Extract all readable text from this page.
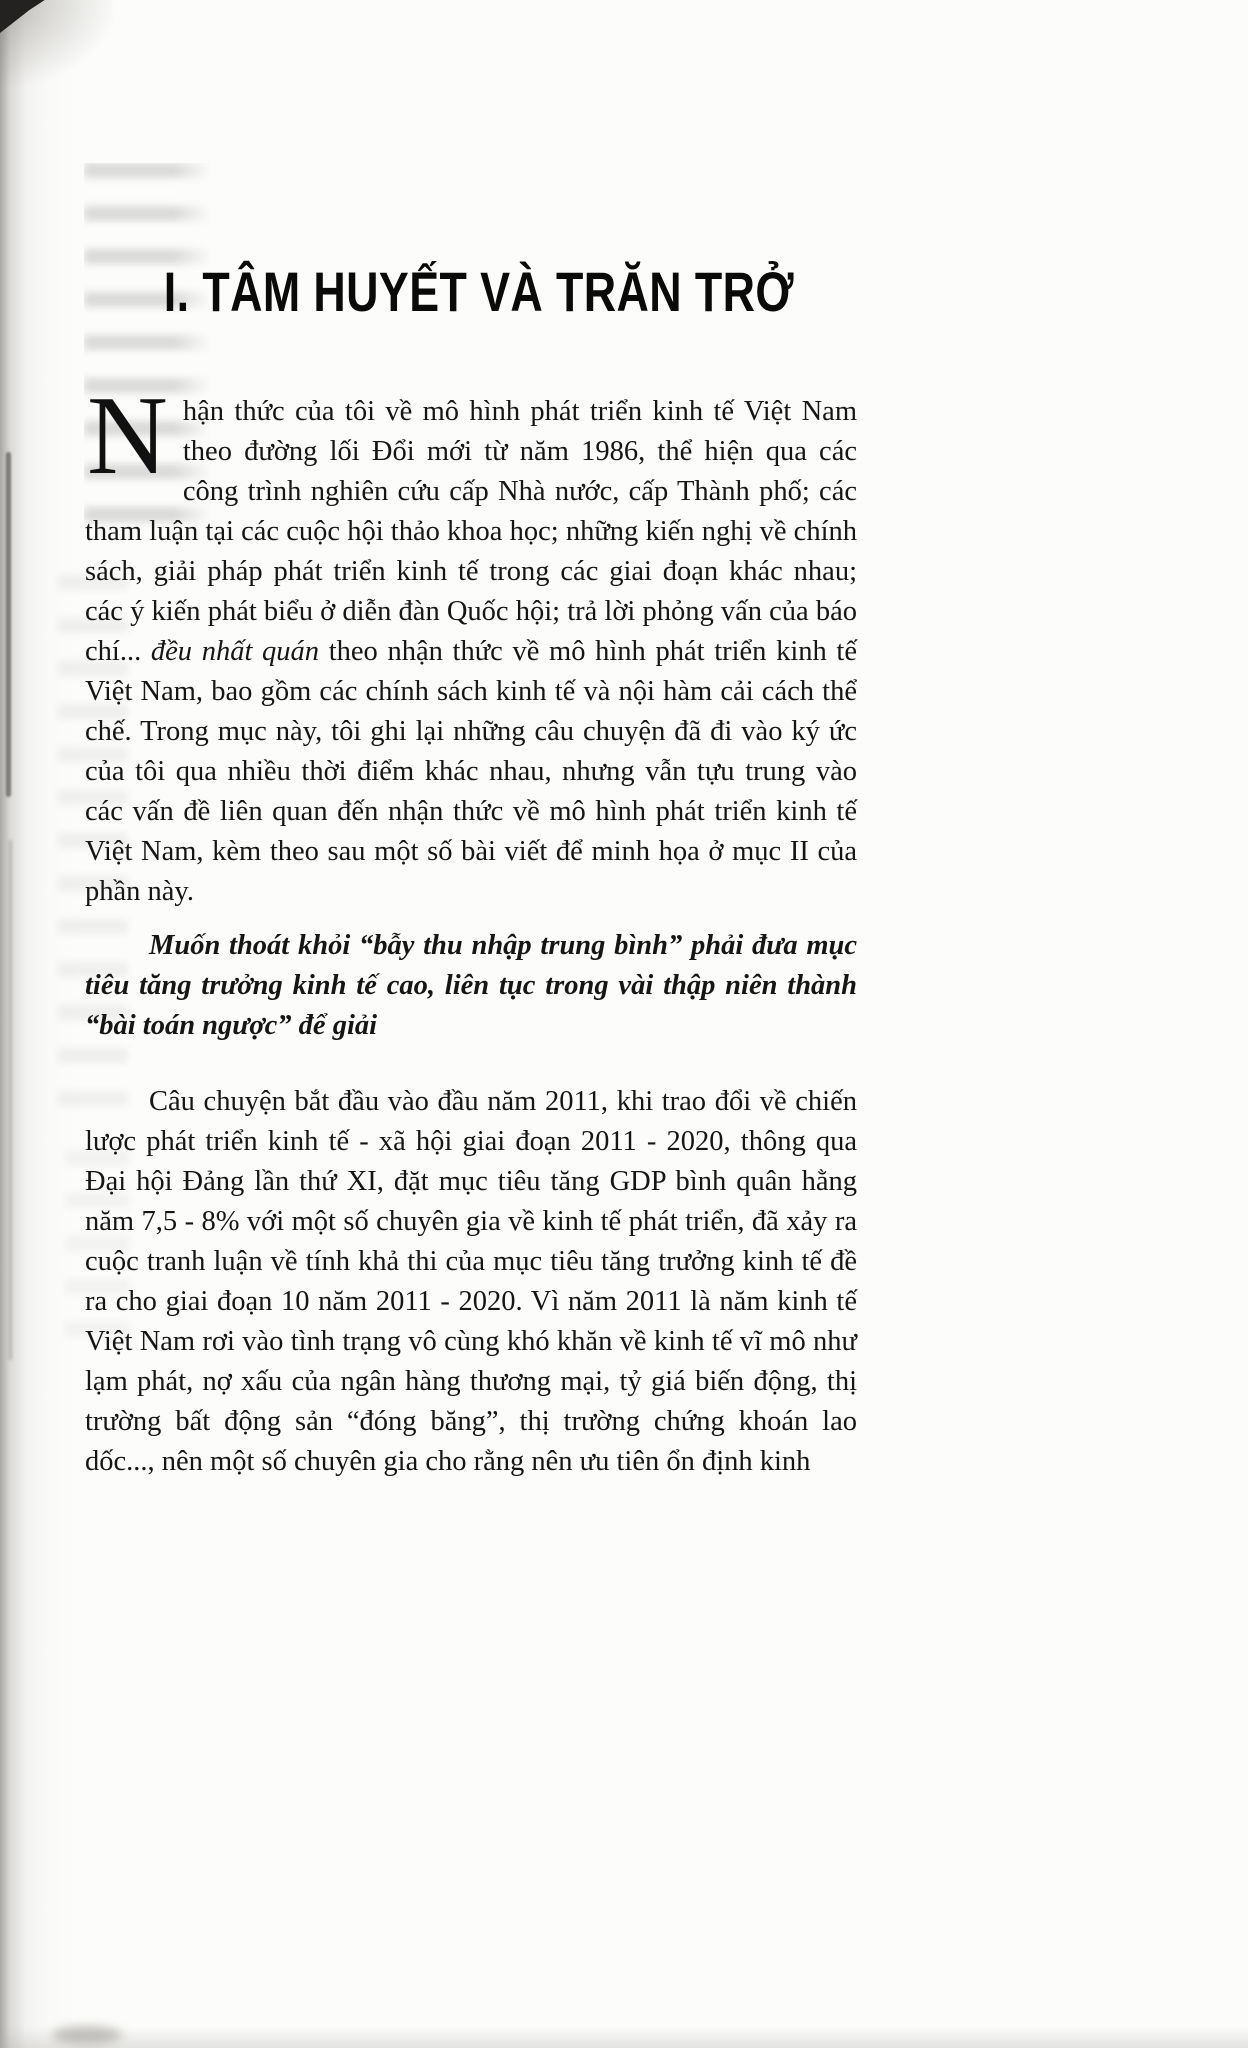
I. TÂM HUYẾT VÀ TRĂN TRỞ

Nhận thức của tôi về mô hình phát triển kinh tế Việt Nam theo đường lối Đổi mới từ năm 1986, thể hiện qua các công trình nghiên cứu cấp Nhà nước, cấp Thành phố; các tham luận tại các cuộc hội thảo khoa học; những kiến nghị về chính sách, giải pháp phát triển kinh tế trong các giai đoạn khác nhau; các ý kiến phát biểu ở diễn đàn Quốc hội; trả lời phỏng vấn của báo chí... đều nhất quán theo nhận thức về mô hình phát triển kinh tế Việt Nam, bao gồm các chính sách kinh tế và nội hàm cải cách thể chế. Trong mục này, tôi ghi lại những câu chuyện đã đi vào ký ức của tôi qua nhiều thời điểm khác nhau, nhưng vẫn tựu trung vào các vấn đề liên quan đến nhận thức về mô hình phát triển kinh tế Việt Nam, kèm theo sau một số bài viết để minh họa ở mục II của phần này.

Muốn thoát khỏi “bẫy thu nhập trung bình” phải đưa mục tiêu tăng trưởng kinh tế cao, liên tục trong vài thập niên thành “bài toán ngược” để giải

Câu chuyện bắt đầu vào đầu năm 2011, khi trao đổi về chiến lược phát triển kinh tế - xã hội giai đoạn 2011 - 2020, thông qua Đại hội Đảng lần thứ XI, đặt mục tiêu tăng GDP bình quân hằng năm 7,5 - 8% với một số chuyên gia về kinh tế phát triển, đã xảy ra cuộc tranh luận về tính khả thi của mục tiêu tăng trưởng kinh tế đề ra cho giai đoạn 10 năm 2011 - 2020. Vì năm 2011 là năm kinh tế Việt Nam rơi vào tình trạng vô cùng khó khăn về kinh tế vĩ mô như lạm phát, nợ xấu của ngân hàng thương mại, tỷ giá biến động, thị trường bất động sản “đóng băng”, thị trường chứng khoán lao dốc..., nên một số chuyên gia cho rằng nên ưu tiên ổn định kinh
